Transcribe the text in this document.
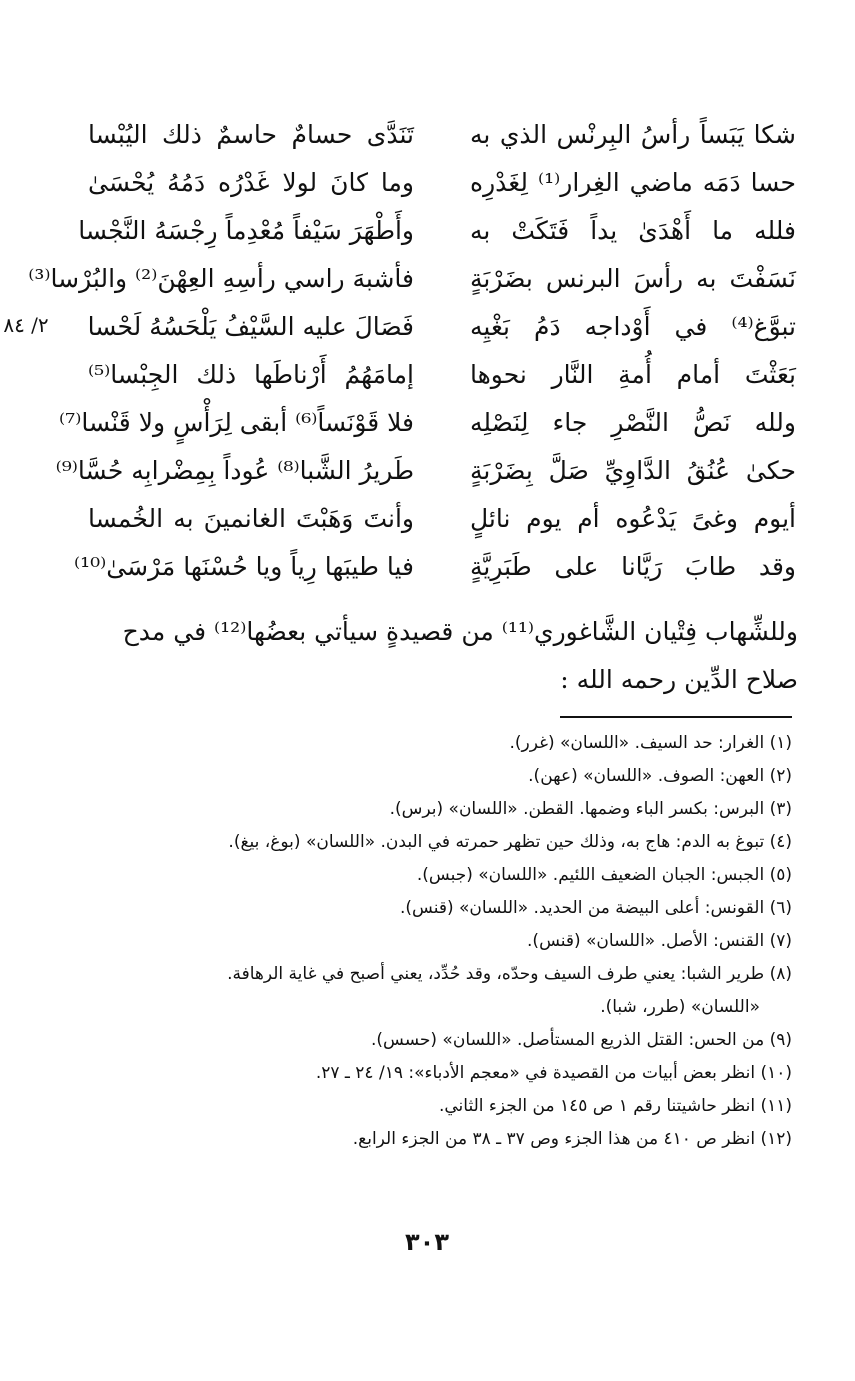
٢/ ٨٤
شكا يَبَساً رأسُ البِرنْس الذي به
تَنَدَّى حسامٌ حاسمٌ ذلك اليُبْسا
حسا دَمَه ماضي الغِرار⁽¹⁾ لِغَدْرِه
وما كانَ لولا غَدْرُه دَمُهُ يُحْسَىٰ
فلله ما أَهْدَىٰ يداً فَتَكَتْ به
وأَطْهَرَ سَيْفاً مُعْدِماً رِجْسَهُ النَّجْسا
نَسَفْتَ به رأسَ البرنس بضَرْبَةٍ
فأشبهَ راسي رأسِهِ العِهْنَ⁽²⁾ والبُرْسا⁽³⁾
تبوَّغ⁽⁴⁾ في أَوْداجه دَمُ بَغْيِه
فَصَالَ عليه السَّيْفُ يَلْحَسُهُ لَحْسا
بَعَثْتَ أمام أُمةِ النَّار نحوها
إمامَهُمُ أَرْناطَها ذلك الجِبْسا⁽⁵⁾
ولله نَصُّ النَّصْرِ جاء لِنَصْلِه
فلا قَوْنَساً⁽⁶⁾ أبقى لِرَأْسٍ ولا قَنْسا⁽⁷⁾
حكىٰ عُنُقُ الدَّاوِيِّ صَلَّ بِضَرْبَةٍ
طَريرُ الشَّبا⁽⁸⁾ عُوداً بِمِضْرابِه حُسَّا⁽⁹⁾
أيوم وغىً يَدْعُوه أم يوم نائلٍ
وأنتَ وَهَبْتَ الغانمينَ به الخُمسا
وقد طابَ رَيَّانا على طَبَرِيَّةٍ
فيا طيبَها رِياً ويا حُسْنَها مَرْسَىٰ⁽¹⁰⁾

وللشِّهاب فِتْيان الشَّاغوري⁽¹¹⁾ من قصيدةٍ سيأتي بعضُها⁽¹²⁾ في مدح

صلاح الدِّين رحمه الله :

(١) الغرار: حد السيف. «اللسان» (غرر).

(٢) العهن: الصوف. «اللسان» (عهن).

(٣) البرس: بكسر الباء وضمها. القطن. «اللسان» (برس).

(٤) تبوغ به الدم: هاج به، وذلك حين تظهر حمرته في البدن. «اللسان» (بوغ، بيغ).

(٥) الجبس: الجبان الضعيف اللئيم. «اللسان» (جبس).

(٦) القونس: أعلى البيضة من الحديد. «اللسان» (قنس).

(٧) القنس: الأصل. «اللسان» (قنس).

(٨) طرير الشبا: يعني طرف السيف وحدّه، وقد حُدِّد، يعني أصبح في غاية الرهافة.

«اللسان» (طرر، شبا).

(٩) من الحس: القتل الذريع المستأصل. «اللسان» (حسس).

(١٠) انظر بعض أبيات من القصيدة في «معجم الأدباء»: ١٩/ ٢٤ ـ ٢٧.

(١١) انظر حاشيتنا رقم ١ ص ١٤٥ من الجزء الثاني.

(١٢) انظر ص ٤١٠ من هذا الجزء وص ٣٧ ـ ٣٨ من الجزء الرابع.

٣٠٣
